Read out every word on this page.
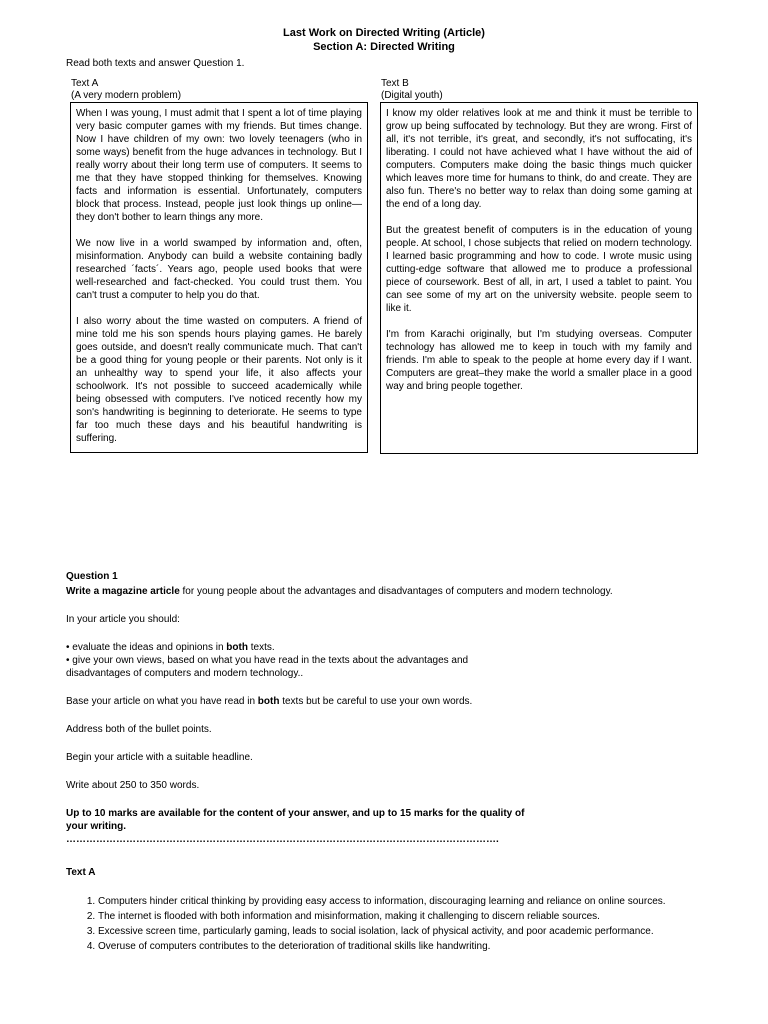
Last Work on Directed Writing (Article)
Section A: Directed Writing
Read both texts and answer Question 1.
Text A
(A very modern problem)

When I was young, I must admit that I spent a lot of time playing very basic computer games with my friends. But times change. Now I have children of my own: two lovely teenagers (who in some ways) benefit from the huge advances in technology. But I really worry about their long term use of computers. It seems to me that they have stopped thinking for themselves. Knowing facts and information is essential. Unfortunately, computers block that process. Instead, people just look things up online— they don't bother to learn things any more.

We now live in a world swamped by information and, often, misinformation. Anybody can build a website containing badly researched ´facts´. Years ago, people used books that were well-researched and fact-checked. You could trust them. You can't trust a computer to help you do that.

I also worry about the time wasted on computers. A friend of mine told me his son spends hours playing games. He barely goes outside, and doesn't really communicate much. That can't be a good thing for young people or their parents. Not only is it an unhealthy way to spend your life, it also affects your schoolwork. It's not possible to succeed academically while being obsessed with computers. I've noticed recently how my son's handwriting is beginning to deteriorate. He seems to type far too much these days and his beautiful handwriting is suffering.

Text B
(Digital youth)

I know my older relatives look at me and think it must be terrible to grow up being suffocated by technology. But they are wrong. First of all, it's not terrible, it's great, and secondly, it's not suffocating, it's liberating. I could not have achieved what I have without the aid of computers. Computers make doing the basic things much quicker which leaves more time for humans to think, do and create. They are also fun. There's no better way to relax than doing some gaming at the end of a long day.

But the greatest benefit of computers is in the education of young people. At school, I chose subjects that relied on modern technology. I learned basic programming and how to code. I wrote music using cutting-edge software that allowed me to produce a professional piece of coursework. Best of all, in art, I used a tablet to paint. You can see some of my art on the university website. people seem to like it.

I'm from Karachi originally, but I'm studying overseas. Computer technology has allowed me to keep in touch with my family and friends. I'm able to speak to the people at home every day if I want. Computers are great–they make the world a smaller place in a good way and bring people together.

Question 1

Write a magazine article for young people about the advantages and disadvantages of computers and modern technology.

In your article you should:

• evaluate the ideas and opinions in both texts.

• give your own views, based on what you have read in the texts about the advantages and

disadvantages of computers and modern technology..

Base your article on what you have read in both texts but be careful to use your own words.

Address both of the bullet points.

Begin your article with a suitable headline.

Write about 250 to 350 words.

Up to 10 marks are available for the content of your answer, and up to 15 marks for the quality of your writing.

………………………………………………………………………………………………………………….

Text A

1. Computers hinder critical thinking by providing easy access to information, discouraging learning and reliance on online sources.
2. The internet is flooded with both information and misinformation, making it challenging to discern reliable sources.
3. Excessive screen time, particularly gaming, leads to social isolation, lack of physical activity, and poor academic performance.
4. Overuse of computers contributes to the deterioration of traditional skills like handwriting.
